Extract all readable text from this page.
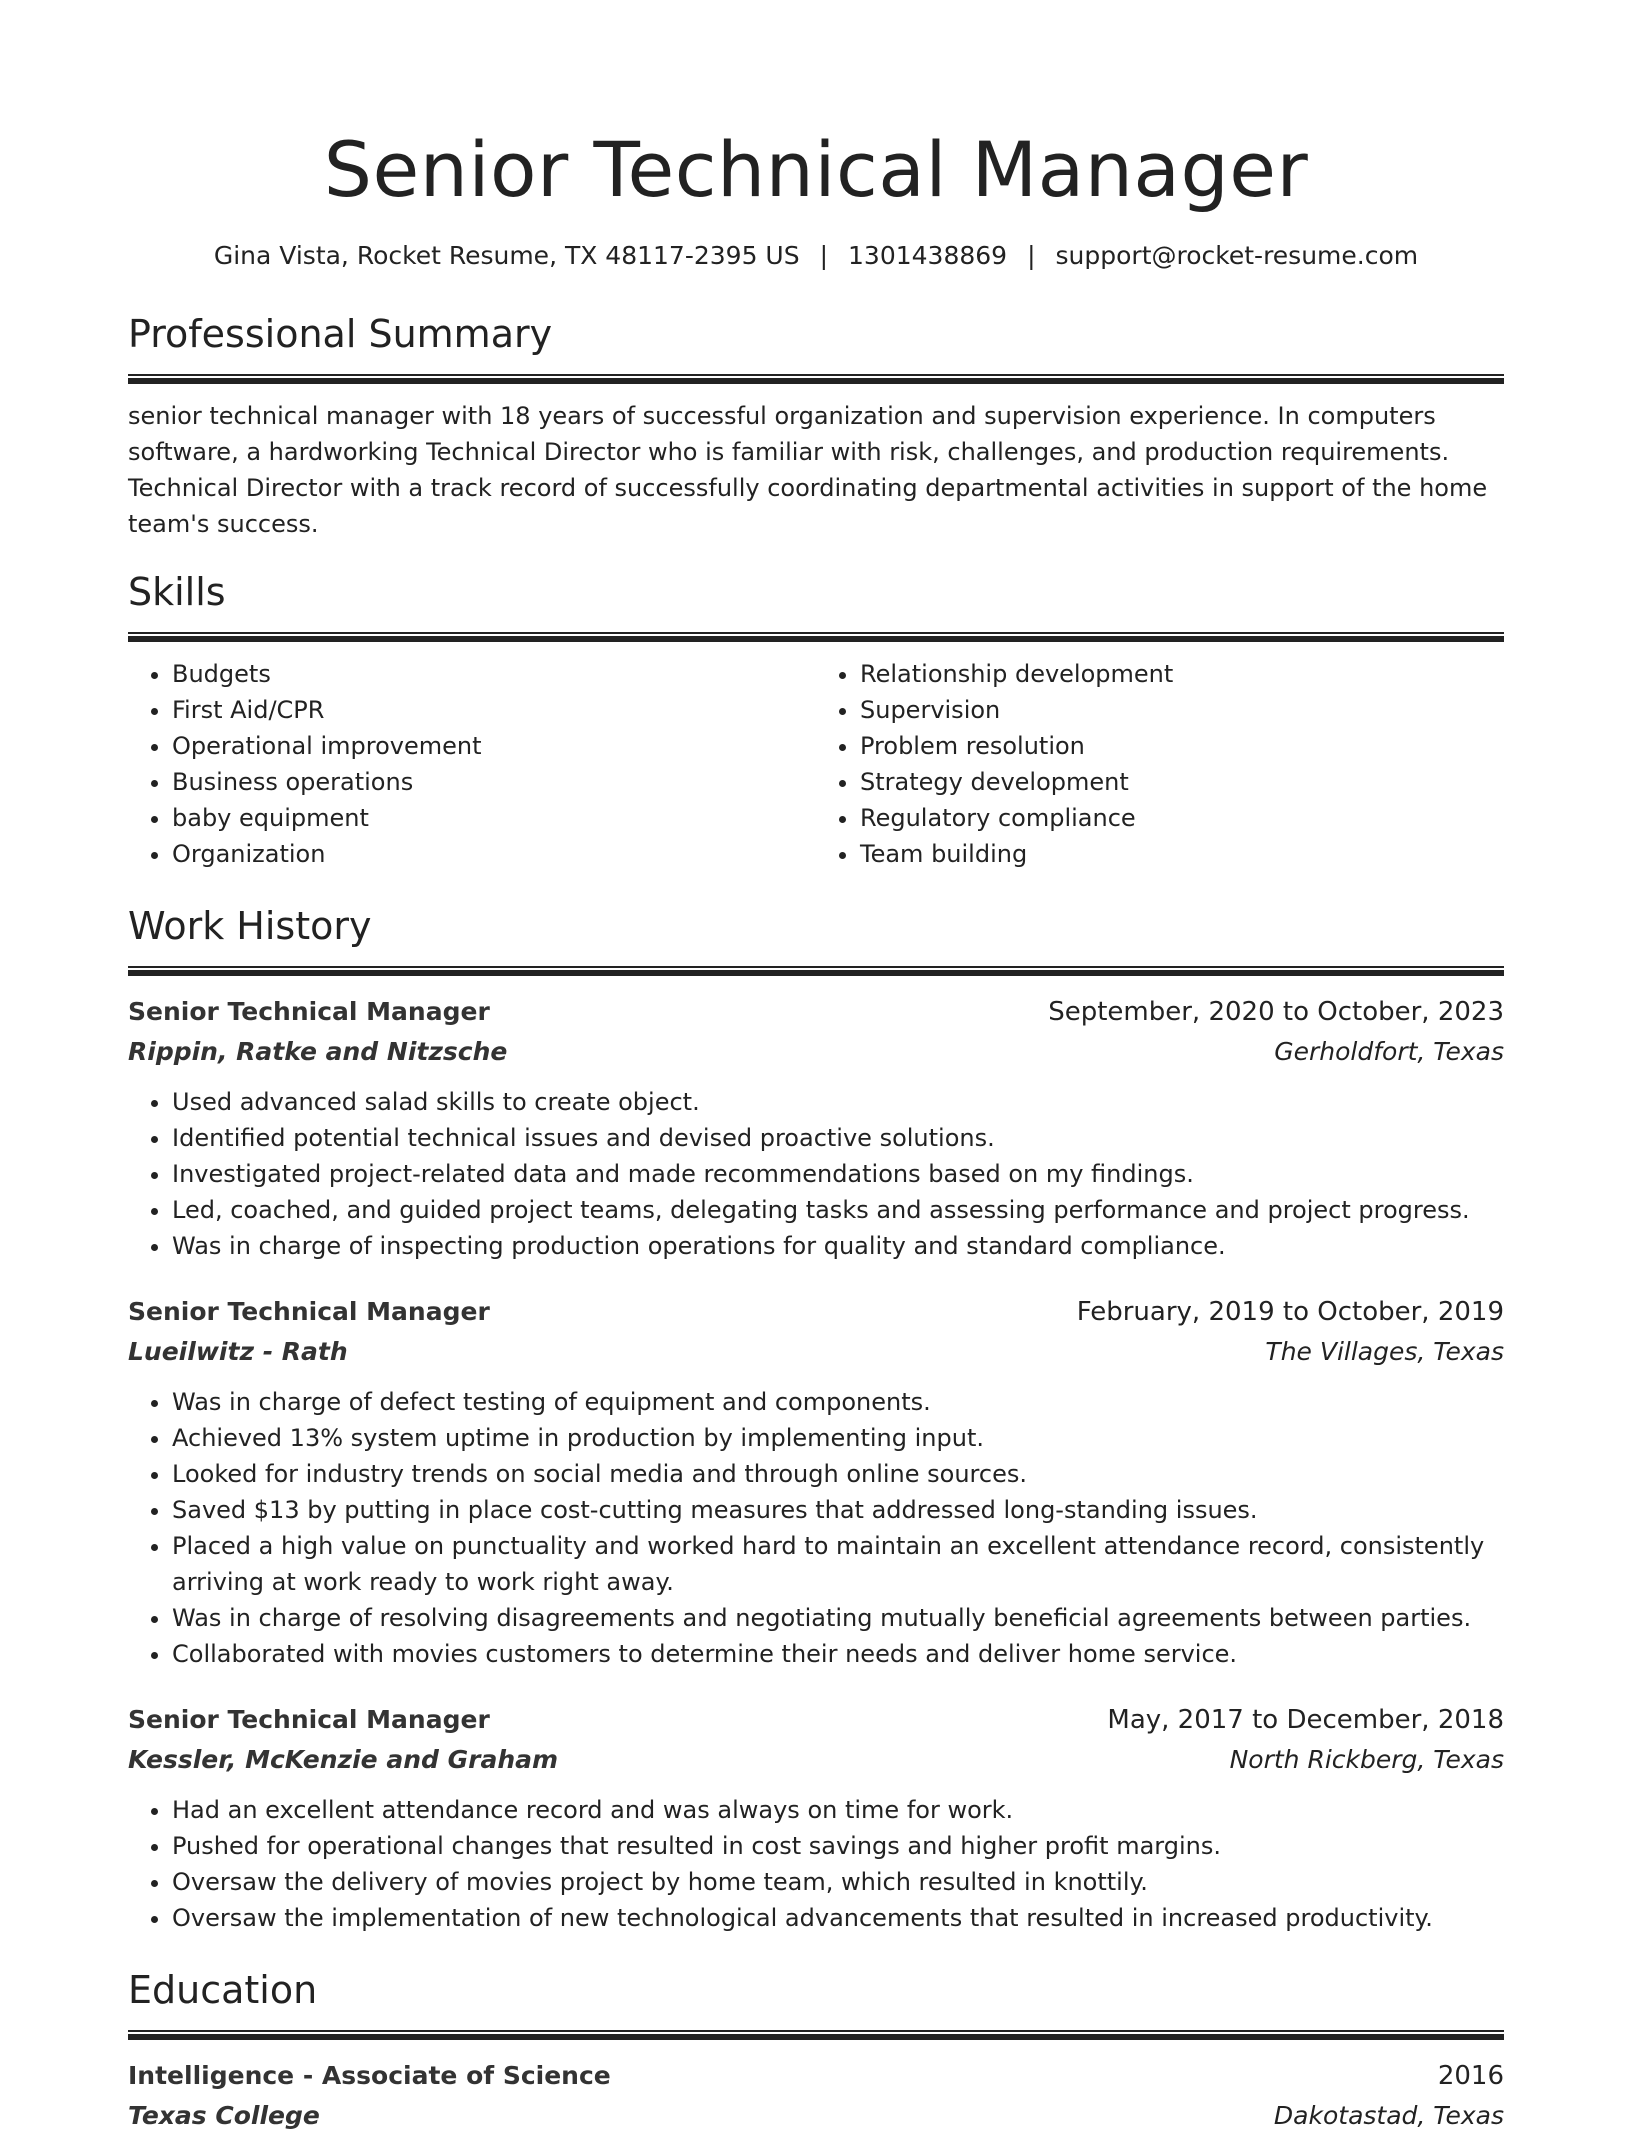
Senior Technical Manager
Gina Vista, Rocket Resume, TX 48117-2395 US | 1301438869 | support@rocket-resume.com
Professional Summary

senior technical manager with 18 years of successful organization and supervision experience. In computers software, a hardworking Technical Director who is familiar with risk, challenges, and production requirements. Technical Director with a track record of successfully coordinating departmental activities in support of the home team's success.

Skills
• Budgets
• First Aid/CPR
• Operational improvement
• Business operations
• baby equipment
• Organization
• Relationship development
• Supervision
• Problem resolution
• Strategy development
• Regulatory compliance
• Team building
Work History
Senior Technical Manager	September, 2020 to October, 2023
Rippin, Ratke and Nitzsche	Gerholdfort, Texas
• Used advanced salad skills to create object.
• Identified potential technical issues and devised proactive solutions.
• Investigated project-related data and made recommendations based on my findings.
• Led, coached, and guided project teams, delegating tasks and assessing performance and project progress.
• Was in charge of inspecting production operations for quality and standard compliance.
Senior Technical Manager	February, 2019 to October, 2019
Lueilwitz - Rath	The Villages, Texas
• Was in charge of defect testing of equipment and components.
• Achieved 13% system uptime in production by implementing input.
• Looked for industry trends on social media and through online sources.
• Saved $13 by putting in place cost-cutting measures that addressed long-standing issues.
• Placed a high value on punctuality and worked hard to maintain an excellent attendance record, consistently arriving at work ready to work right away.
• Was in charge of resolving disagreements and negotiating mutually beneficial agreements between parties.
• Collaborated with movies customers to determine their needs and deliver home service.
Senior Technical Manager	May, 2017 to December, 2018
Kessler, McKenzie and Graham	North Rickberg, Texas
• Had an excellent attendance record and was always on time for work.
• Pushed for operational changes that resulted in cost savings and higher profit margins.
• Oversaw the delivery of movies project by home team, which resulted in knottily.
• Oversaw the implementation of new technological advancements that resulted in increased productivity.
Education
Intelligence - Associate of Science	2016
Texas College	Dakotastad, Texas
